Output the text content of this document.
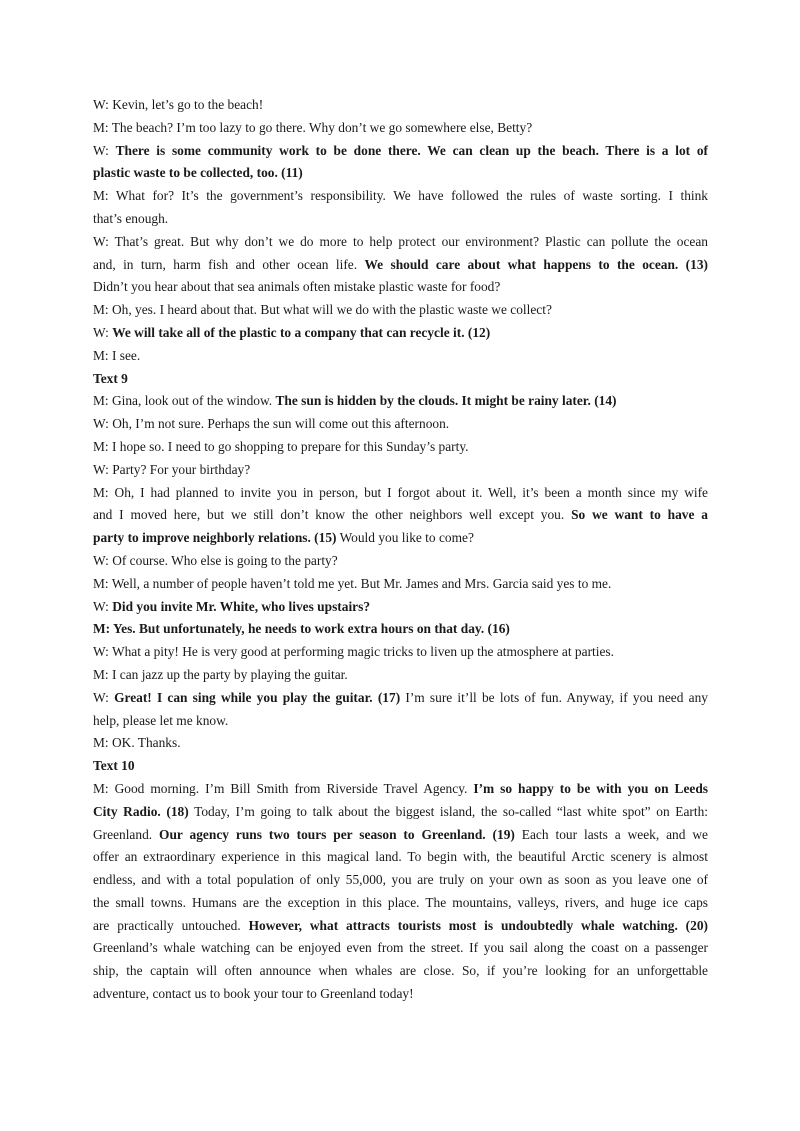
W: Kevin, let’s go to the beach!
M: The beach? I’m too lazy to go there. Why don’t we go somewhere else, Betty?
W: There is some community work to be done there. We can clean up the beach. There is a lot of
plastic waste to be collected, too. (11)
M: What for? It’s the government’s responsibility. We have followed the rules of waste sorting. I think
that’s enough.
W: That’s great. But why don’t we do more to help protect our environment? Plastic can pollute the ocean
and, in turn, harm fish and other ocean life. We should care about what happens to the ocean. (13)
Didn’t you hear about that sea animals often mistake plastic waste for food?
M: Oh, yes. I heard about that. But what will we do with the plastic waste we collect?
W: We will take all of the plastic to a company that can recycle it. (12)
M: I see.
Text 9
M: Gina, look out of the window. The sun is hidden by the clouds. It might be rainy later. (14)
W: Oh, I’m not sure. Perhaps the sun will come out this afternoon.
M: I hope so. I need to go shopping to prepare for this Sunday’s party.
W: Party? For your birthday?
M: Oh, I had planned to invite you in person, but I forgot about it. Well, it’s been a month since my wife
and I moved here, but we still don’t know the other neighbors well except you. So we want to have a
party to improve neighborly relations. (15) Would you like to come?
W: Of course. Who else is going to the party?
M: Well, a number of people haven’t told me yet. But Mr. James and Mrs. Garcia said yes to me.
W: Did you invite Mr. White, who lives upstairs?
M: Yes. But unfortunately, he needs to work extra hours on that day. (16)
W: What a pity! He is very good at performing magic tricks to liven up the atmosphere at parties.
M: I can jazz up the party by playing the guitar.
W: Great! I can sing while you play the guitar. (17) I’m sure it’ll be lots of fun. Anyway, if you need any
help, please let me know.
M: OK. Thanks.
Text 10
M: Good morning. I’m Bill Smith from Riverside Travel Agency. I’m so happy to be with you on Leeds
City Radio. (18) Today, I’m going to talk about the biggest island, the so-called “last white spot” on Earth:
Greenland. Our agency runs two tours per season to Greenland. (19) Each tour lasts a week, and we
offer an extraordinary experience in this magical land. To begin with, the beautiful Arctic scenery is almost
endless, and with a total population of only 55,000, you are truly on your own as soon as you leave one of
the small towns. Humans are the exception in this place. The mountains, valleys, rivers, and huge ice caps
are practically untouched. However, what attracts tourists most is undoubtedly whale watching. (20)
Greenland’s whale watching can be enjoyed even from the street. If you sail along the coast on a passenger
ship, the captain will often announce when whales are close. So, if you’re looking for an unforgettable
adventure, contact us to book your tour to Greenland today!
